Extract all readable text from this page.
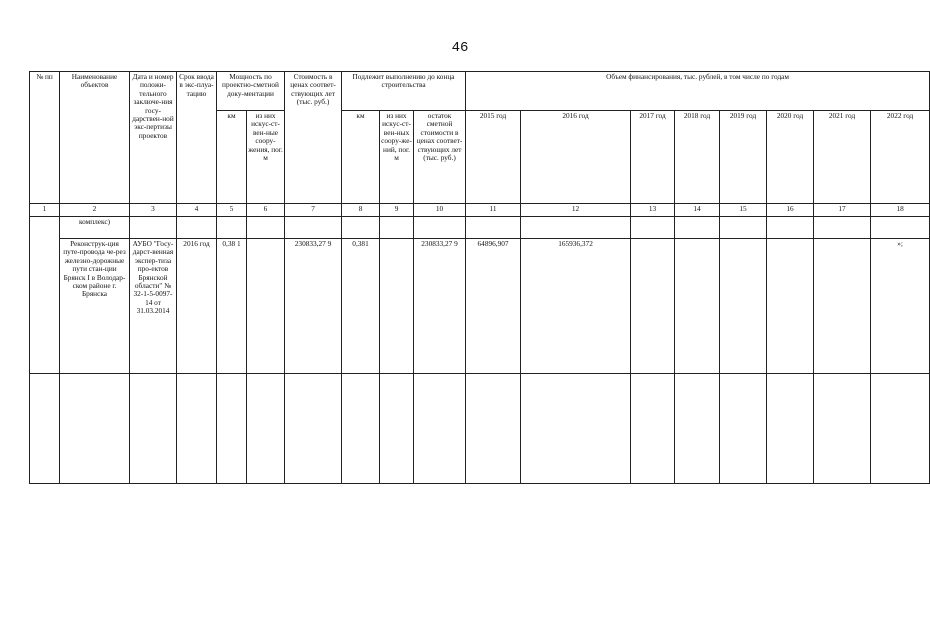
46
№ пп	Наименование объектов	Дата и номер положи-тельного заключе-ния госу-дарствен-ной экс-пертизы проектов	Срок ввода в экс-плуа-тацию	Мощность по проектно-сметной доку-ментации		Стоимость в ценах соответ-ствующих лет (тыс. руб.)	Подлежит выполнению до конца строительства			Объем финансирования, тыс. рублей, в том числе по годам							
				км	из них искус-ст-вен-ные соору-жения, пог. м		км	из них искус-ст-вен-ных соору-же-ний, пог. м	остаток сметной стоимости в ценах соответ-ствующих лет (тыс. руб.)	2015 год	2016 год	2017 год	2018 год	2019 год	2020 год	2021 год	2022 год
1	2	3	4	5	6	7	8	9	10	11	12	13	14	15	16	17	18
	комплекс)																
	Реконструк-ция путе-провода че-рез железно-дорожные пути стан-ции Брянск I в Володар-ском районе г. Брянска	АУБО "Госу-дарст-венная экспер-тиза про-ектов Брянской области" № 32-1-5-0097-14 от 31.03.2014	2016 год	0,38 1		230833,27 9	0,381		230833,27 9	64896,907	165936,372						»;
